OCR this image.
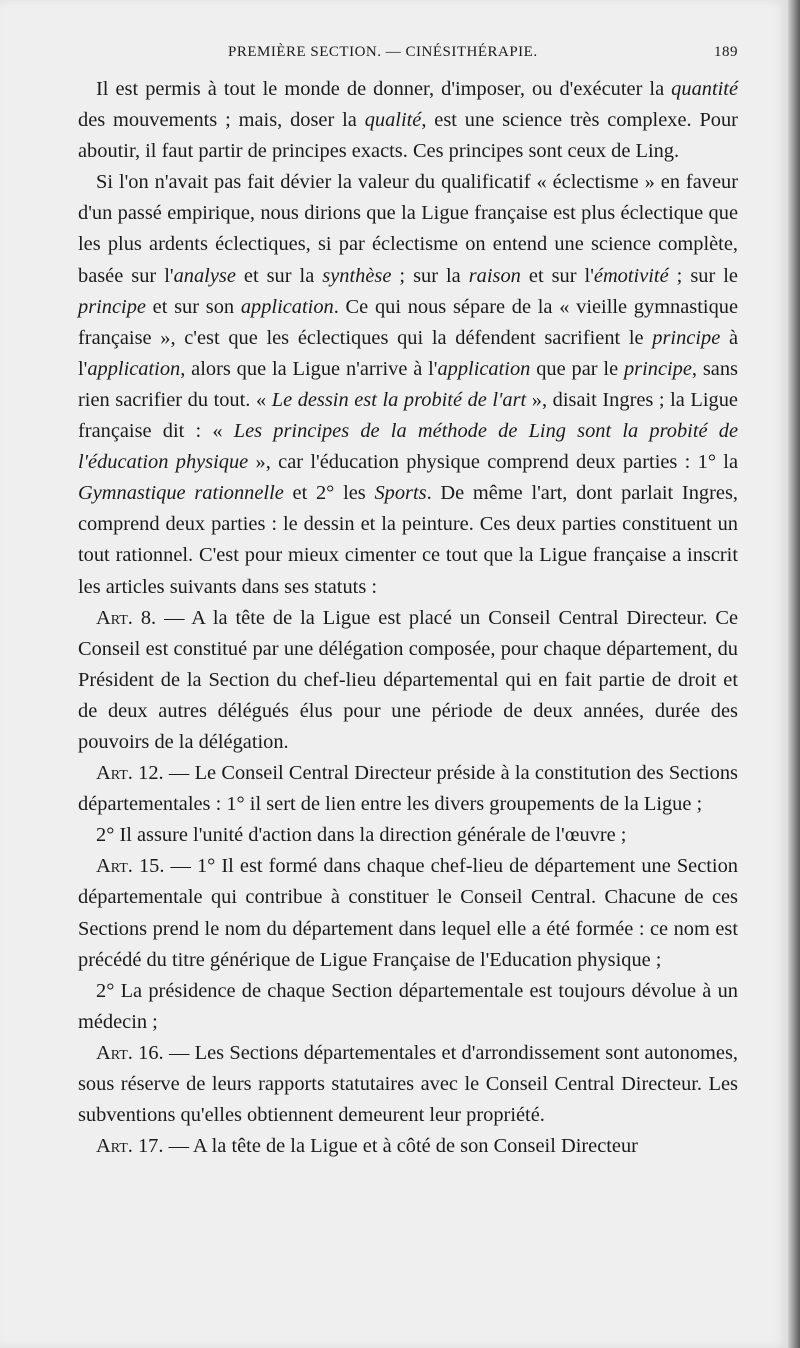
PREMIÈRE SECTION. — CINÉSITHÉRAPIE.	189

Il est permis à tout le monde de donner, d'imposer, ou d'exécuter la quantité des mouvements ; mais, doser la qualité, est une science très complexe. Pour aboutir, il faut partir de principes exacts. Ces principes sont ceux de Ling.

Si l'on n'avait pas fait dévier la valeur du qualificatif « éclectisme » en faveur d'un passé empirique, nous dirions que la Ligue française est plus éclectique que les plus ardents éclectiques, si par éclectisme on entend une science complète, basée sur l'analyse et sur la synthèse ; sur la raison et sur l'émotivité ; sur le principe et sur son application. Ce qui nous sépare de la « vieille gymnastique française », c'est que les éclectiques qui la défendent sacrifient le principe à l'application, alors que la Ligue n'arrive à l'application que par le principe, sans rien sacrifier du tout. « Le dessin est la probité de l'art », disait Ingres ; la Ligue française dit : « Les principes de la méthode de Ling sont la probité de l'éducation physique », car l'éducation physique comprend deux parties : 1° la Gymnastique rationnelle et 2° les Sports. De même l'art, dont parlait Ingres, comprend deux parties : le dessin et la peinture. Ces deux parties constituent un tout rationnel. C'est pour mieux cimenter ce tout que la Ligue française a inscrit les articles suivants dans ses statuts :

Art. 8. — A la tête de la Ligue est placé un Conseil Central Directeur. Ce Conseil est constitué par une délégation composée, pour chaque département, du Président de la Section du chef-lieu départemental qui en fait partie de droit et de deux autres délégués élus pour une période de deux années, durée des pouvoirs de la délégation.

Art. 12. — Le Conseil Central Directeur préside à la constitution des Sections départementales : 1° il sert de lien entre les divers groupements de la Ligue ;

2° Il assure l'unité d'action dans la direction générale de l'œuvre ;

Art. 15. — 1° Il est formé dans chaque chef-lieu de département une Section départementale qui contribue à constituer le Conseil Central. Chacune de ces Sections prend le nom du département dans lequel elle a été formée : ce nom est précédé du titre générique de Ligue Française de l'Education physique ;

2° La présidence de chaque Section départementale est toujours dévolue à un médecin ;

Art. 16. — Les Sections départementales et d'arrondissement sont autonomes, sous réserve de leurs rapports statutaires avec le Conseil Central Directeur. Les subventions qu'elles obtiennent demeurent leur propriété.

Art. 17. — A la tête de la Ligue et à côté de son Conseil Directeur
